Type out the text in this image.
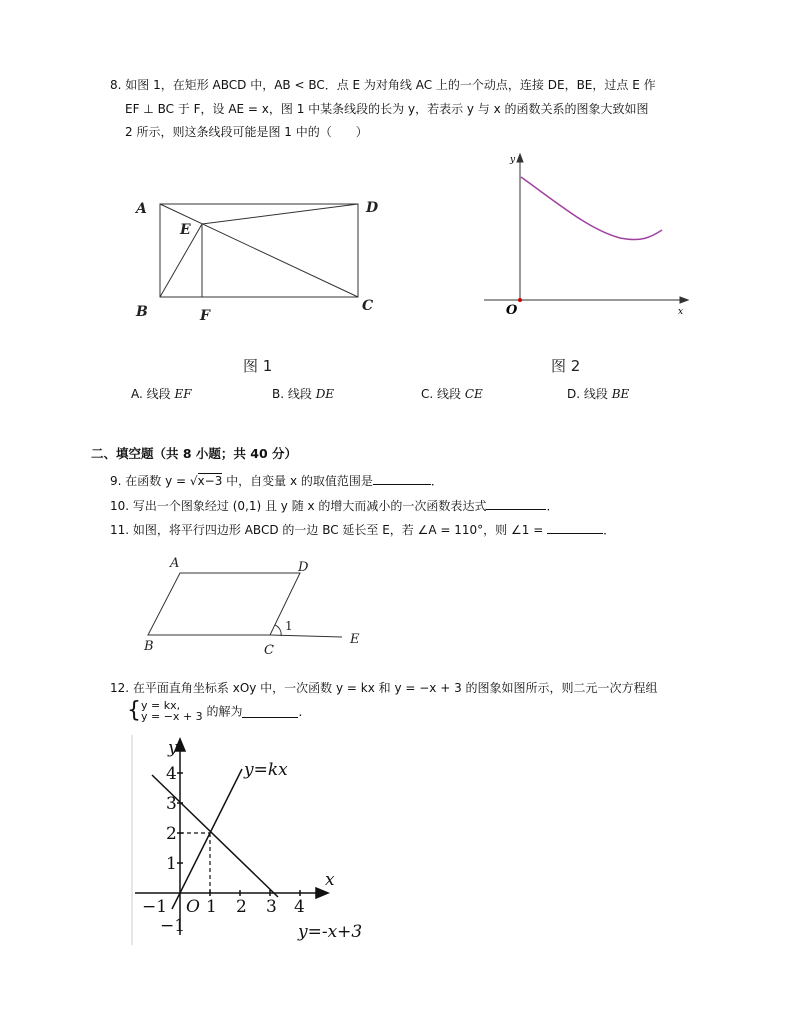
8. 如图 1，在矩形 ABCD 中，AB < BC．点 E 为对角线 AC 上的一个动点，连接 DE，BE，过点 E 作
EF ⊥ BC 于 F，设 AE = x，图 1 中某条线段的长为 y，若表示 y 与 x 的函数关系的图象大致如图
2 所示，则这条线段可能是图 1 中的（　　）
A	D
E
B	F
C
y
x
O
图 1	图 2
A. 线段 EF	B. 线段 DE	C. 线段 CE	D. 线段 BE
二、填空题（共 8 小题；共 40 分）
9. 在函数 y = √x−3 中，自变量 x 的取值范围是	．
10. 写出一个图象经过 (0,1) 且 y 随 x 的增大而减小的一次函数表达式	．
11. 如图，将平行四边形 ABCD 的一边 BC 延长至 E，若 ∠A = 110°，则 ∠1 =	．
A	D
B	C
E
1
12. 在平面直角坐标系 xOy 中，一次函数 y = kx 和 y = −x + 3 的图象如图所示，则二元一次方程组
{ y = kx,
y = −x + 3 的解为	．
y
x
O
4
3
2
1
−1
−1 1 2 3 4
y=kx
y=-x+3
